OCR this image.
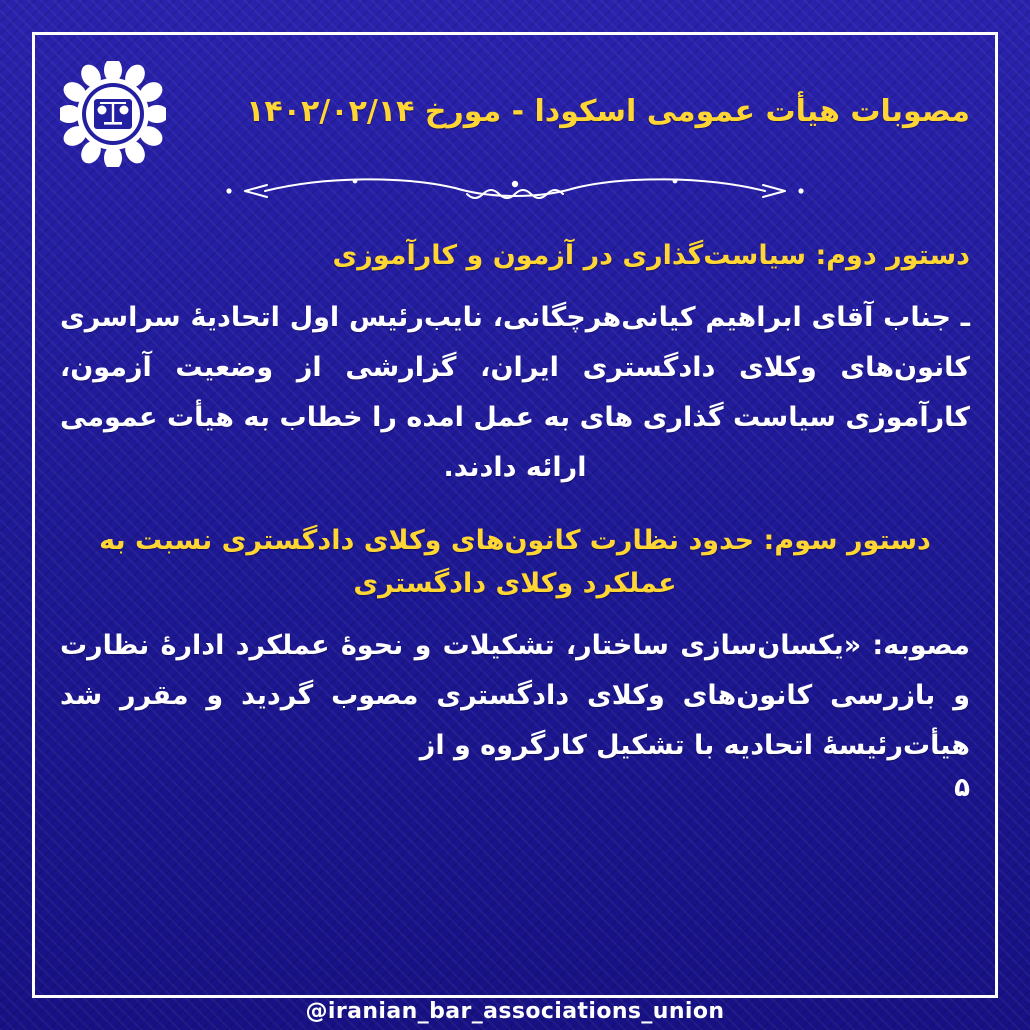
مصوبات هیأت عمومی اسکودا - مورخ ۱۴۰۲/۰۲/۱۴
دستور دوم: سیاست‌گذاری در آزمون و کارآموزی
ـ جناب آقای ابراهیم کیانی‌هرچگانی، نایب‌رئیس اول اتحادیۀ سراسری کانون‌های وکلای دادگستری ایران، گزارشی از وضعیت آزمون، کارآموزی سیاست گذاری های به عمل امده را خطاب به هیأت عمومی ارائه دادند.
دستور سوم: حدود نظارت کانون‌های وکلای دادگستری نسبت به عملکرد وکلای دادگستری
مصوبه: «یکسان‌سازی ساختار، تشکیلات و نحوۀ عملکرد ادارۀ نظارت و بازرسی کانون‌های وکلای دادگستری مصوب گردید و مقرر شد هیأت‌رئیسۀ اتحادیه با تشکیل کارگروه و از
۵
@iranian_bar_associations_union
